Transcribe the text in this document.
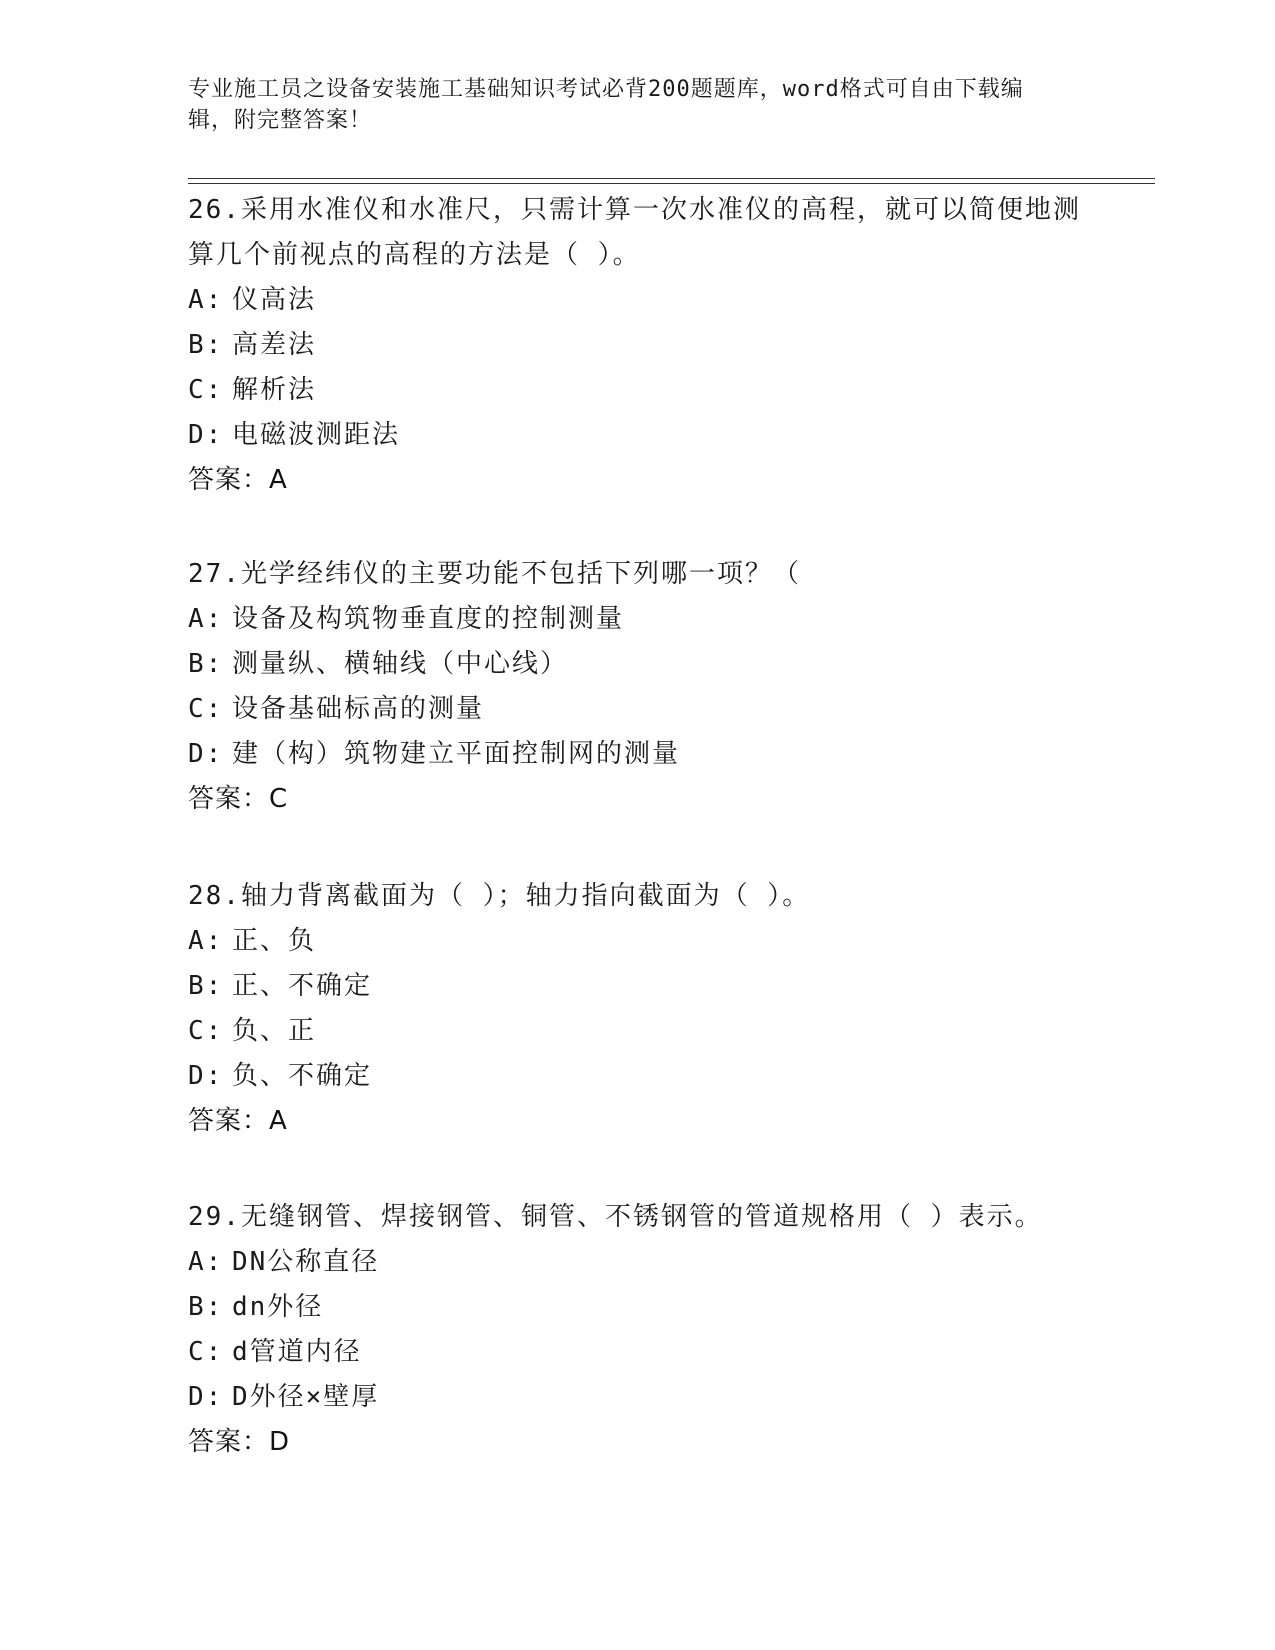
专业施工员之设备安装施工基础知识考试必背200题题库，word格式可自由下载编辑，附完整答案！

26.采用水准仪和水准尺，只需计算一次水准仪的高程，就可以简便地测算几个前视点的高程的方法是（ ）。

A: 仪高法
B: 高差法
C: 解析法
D: 电磁波测距法
答案：A

27.光学经纬仪的主要功能不包括下列哪一项？（

A: 设备及构筑物垂直度的控制测量
B: 测量纵、横轴线（中心线）
C: 设备基础标高的测量
D: 建（构）筑物建立平面控制网的测量
答案：C

28.轴力背离截面为（ ）；轴力指向截面为（ ）。

A: 正、负
B: 正、不确定
C: 负、正
D: 负、不确定
答案：A

29.无缝钢管、焊接钢管、铜管、不锈钢管的管道规格用（ ）表示。

A: DN公称直径
B: dn外径
C: d管道内径
D: D外径×壁厚
答案：D
